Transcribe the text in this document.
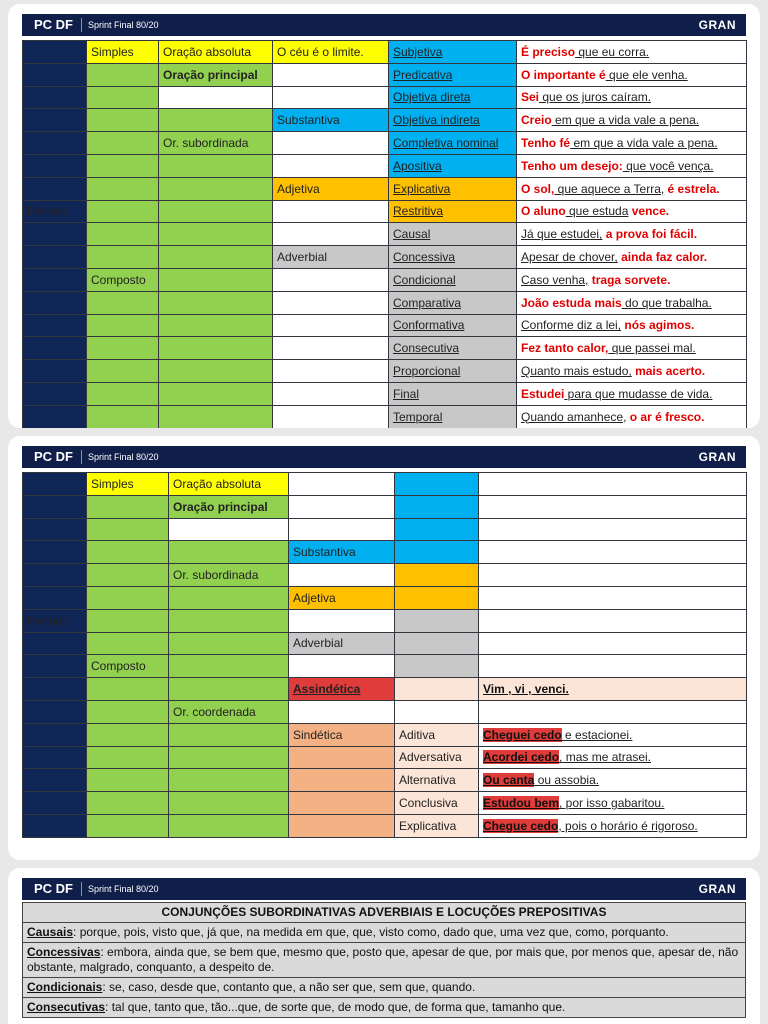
PC DF	Sprint Final 80/20	GRAN
	Simples	Oração absoluta	O céu é o limite.	Subjetiva	É preciso que eu corra.
		Oração principal		Predicativa	O importante é que ele venha.
				Objetiva direta	Sei que os juros caíram.
			Substantiva	Objetiva indireta	Creio em que a vida vale a pena.
		Or. subordinada		Completiva nominal	Tenho fé em que a vida vale a pena.
				Apositiva	Tenho um desejo: que você vença.
			Adjetiva	Explicativa	O sol, que aquece a Terra, é estrela.
Período				Restritiva	O aluno que estuda vence.
				Causal	Já que estudei, a prova foi fácil.
			Adverbial	Concessiva	Apesar de chover, ainda faz calor.
	Composto			Condicional	Caso venha, traga sorvete.
				Comparativa	João estuda mais do que trabalha.
				Conformativa	Conforme diz a lei, nós agimos.
				Consecutiva	Fez tanto calor, que passei mal.
				Proporcional	Quanto mais estudo, mais acerto.
				Final	Estudei para que mudasse de vida.
				Temporal	Quando amanhece, o ar é fresco.
PC DF	Sprint Final 80/20	GRAN
	Simples	Oração absoluta			
		Oração principal			

			Substantiva		
		Or. subordinada			
			Adjetiva		
Período					
			Adverbial		
	Composto				
			Assindética		Vim , vi , venci.
		Or. coordenada			
			Sindética	Aditiva	Cheguei cedo e estacionei.
				Adversativa	Acordei cedo, mas me atrasei.
				Alternativa	Ou canta ou assobia.
				Conclusiva	Estudou bem, por isso gabaritou.
				Explicativa	Chegue cedo, pois o horário é rigoroso.
PC DF	Sprint Final 80/20	GRAN
CONJUNÇÕES SUBORDINATIVAS ADVERBIAIS E LOCUÇÕES PREPOSITIVAS
Causais: porque, pois, visto que, já que, na medida em que, que, visto como, dado que, uma vez que, como, porquanto.
Concessivas: embora, ainda que, se bem que, mesmo que, posto que, apesar de que, por mais que, por menos que, apesar de, não obstante, malgrado, conquanto, a despeito de.
Condicionais: se, caso, desde que, contanto que, a não ser que, sem que, quando.
Consecutivas: tal que, tanto que, tão...que, de sorte que, de modo que, de forma que, tamanho que.
